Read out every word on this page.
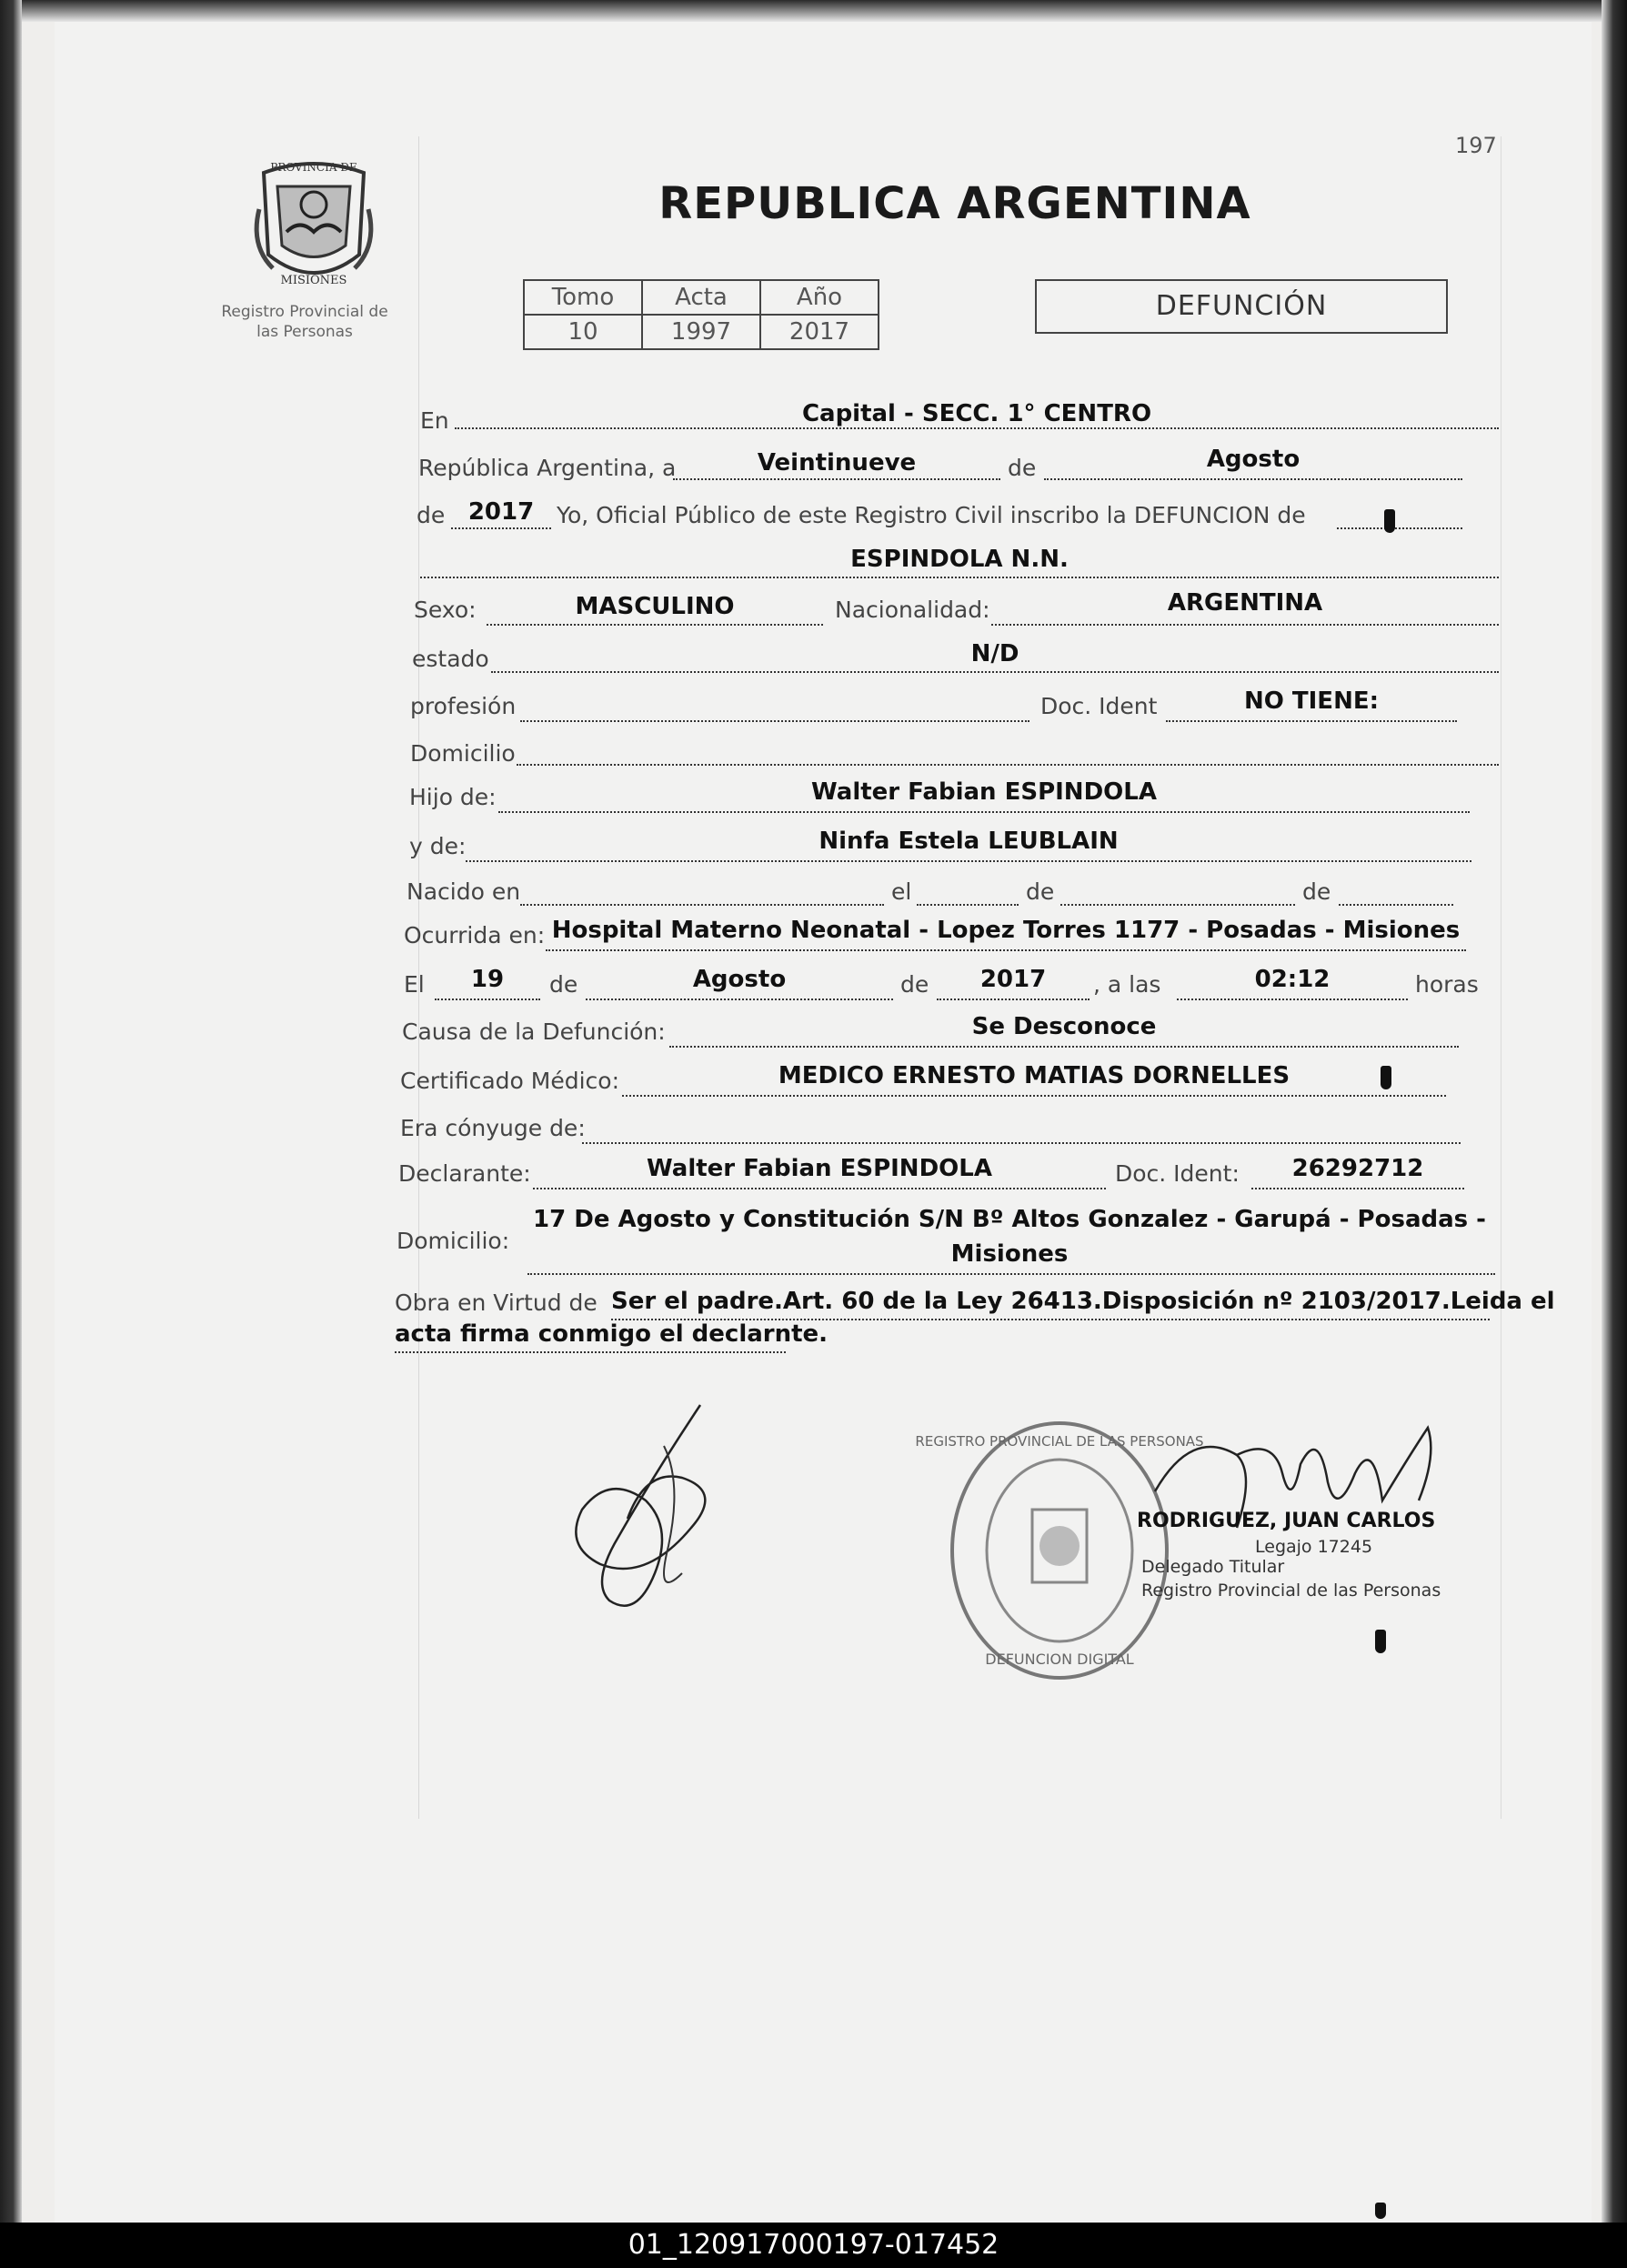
197
PROVINCIA DE
MISIONES
Registro Provincial de las Personas
REPUBLICA ARGENTINA
Tomo	Acta	Año
10	1997	2017
DEFUNCIÓN
En	Capital - SECC. 1° CENTRO
República Argentina, a	Veintinueve	de	Agosto
de 2017 Yo, Oficial Público de este Registro Civil inscribo la DEFUNCION de
ESPINDOLA N.N.
Sexo:	MASCULINO	Nacionalidad:	ARGENTINA
estado	N/D
profesión	Doc. Ident	NO TIENE:
Domicilio
Hijo de:	Walter Fabian ESPINDOLA
y de:	Ninfa Estela LEUBLAIN
Nacido en	el	de	de
Ocurrida en: Hospital Materno Neonatal - Lopez Torres 1177 - Posadas - Misiones
El	19	de	Agosto	de	2017	, a las	02:12	horas
Causa de la Defunción:	Se Desconoce
Certificado Médico:	MEDICO ERNESTO MATIAS DORNELLES
Era cónyuge de:
Declarante:	Walter Fabian ESPINDOLA	Doc. Ident:	26292712
Domicilio:
17 De Agosto y Constitución S/N Bº Altos Gonzalez - Garupá - Posadas -
Misiones
Obra en Virtud de Ser el padre.Art. 60 de la Ley 26413.Disposición nº 2103/2017.Leida el
acta firma conmigo el declarnte.
REGISTRO PROVINCIAL DE LAS PERSONAS
DEFUNCION DIGITAL
RODRIGUEZ, JUAN CARLOS
Legajo 17245
Delegado Titular
Registro Provincial de las Personas
01_120917000197-017452
